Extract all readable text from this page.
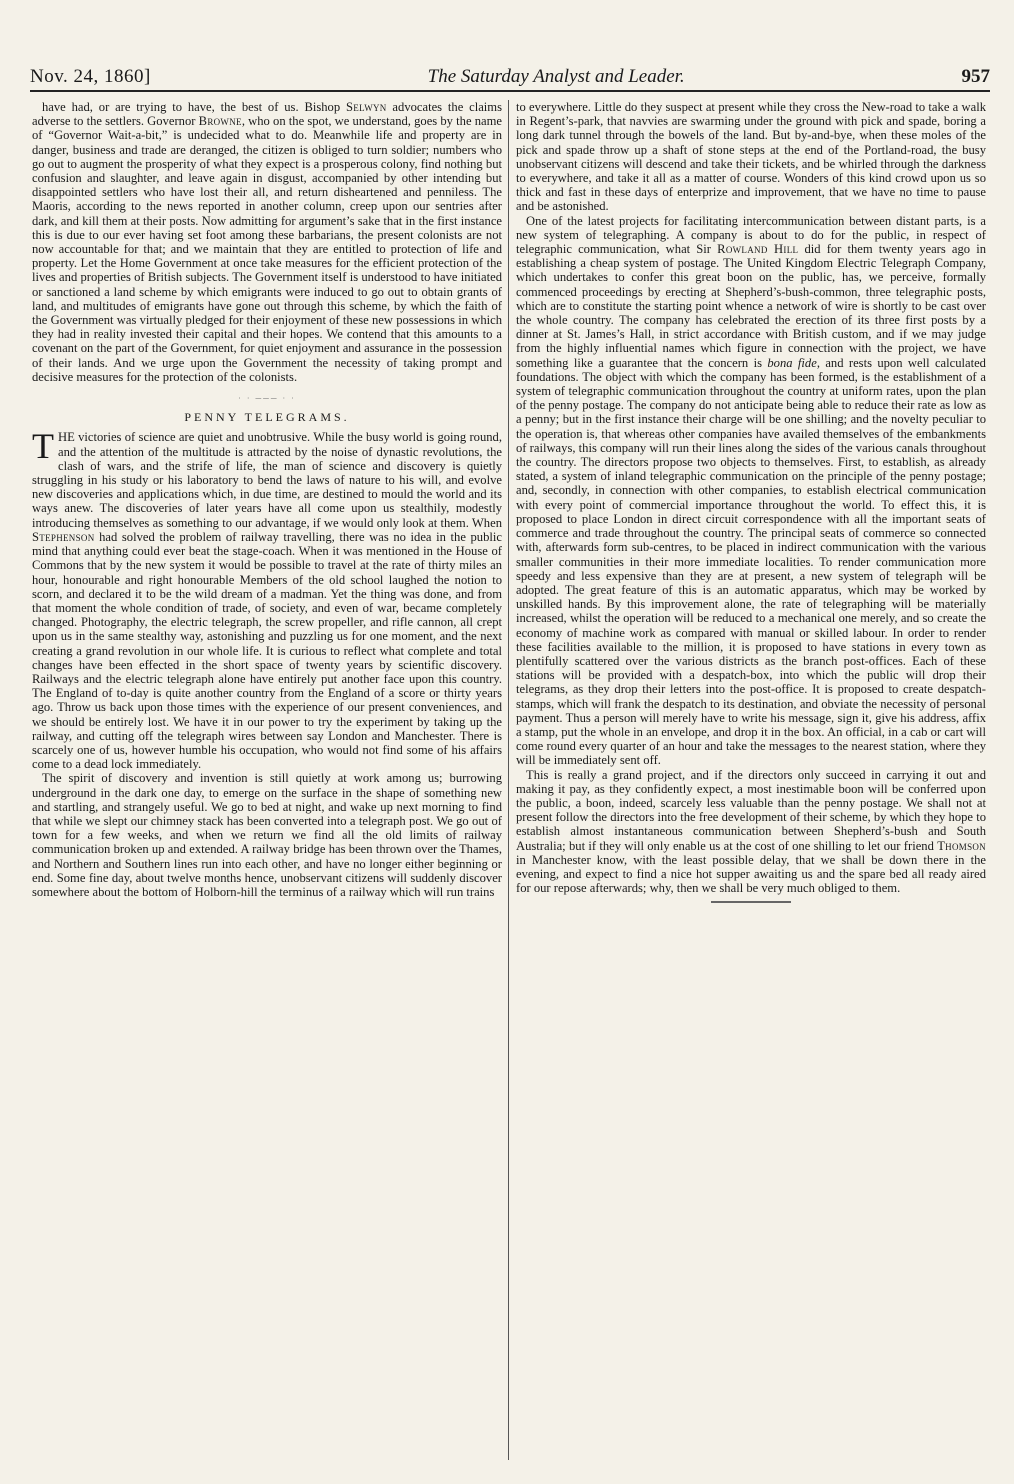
Nov. 24, 1860]	The Saturday Analyst and Leader.	957

have had, or are trying to have, the best of us. Bishop Selwyn advocates the claims adverse to the settlers. Governor Browne, who on the spot, we understand, goes by the name of “Governor Wait-a-bit,” is undecided what to do. Meanwhile life and property are in danger, business and trade are deranged, the citizen is obliged to turn soldier; numbers who go out to augment the prosperity of what they expect is a prosperous colony, find nothing but confusion and slaughter, and leave again in disgust, accompanied by other intending but disappointed settlers who have lost their all, and return disheartened and penniless. The Maoris, according to the news reported in another column, creep upon our sentries after dark, and kill them at their posts. Now admitting for argument’s sake that in the first instance this is due to our ever having set foot among these barbarians, the present colonists are not now accountable for that; and we maintain that they are entitled to protection of life and property. Let the Home Government at once take measures for the efficient protection of the lives and properties of British subjects. The Government itself is understood to have initiated or sanctioned a land scheme by which emigrants were induced to go out to obtain grants of land, and multitudes of emigrants have gone out through this scheme, by which the faith of the Government was virtually pledged for their enjoyment of these new possessions in which they had in reality invested their capital and their hopes. We contend that this amounts to a covenant on the part of the Government, for quiet enjoyment and assurance in the possession of their lands. And we urge upon the Government the necessity of taking prompt and decisive measures for the protection of the colonists.

· · ─── · ·
PENNY TELEGRAMS.

THE victories of science are quiet and unobtrusive. While the busy world is going round, and the attention of the multitude is attracted by the noise of dynastic revolutions, the clash of wars, and the strife of life, the man of science and discovery is quietly struggling in his study or his laboratory to bend the laws of nature to his will, and evolve new discoveries and applications which, in due time, are destined to mould the world and its ways anew. The discoveries of later years have all come upon us stealthily, modestly introducing themselves as something to our advantage, if we would only look at them. When Stephenson had solved the problem of railway travelling, there was no idea in the public mind that anything could ever beat the stage-coach. When it was mentioned in the House of Commons that by the new system it would be possible to travel at the rate of thirty miles an hour, honourable and right honourable Members of the old school laughed the notion to scorn, and declared it to be the wild dream of a madman. Yet the thing was done, and from that moment the whole condition of trade, of society, and even of war, became completely changed. Photography, the electric telegraph, the screw propeller, and rifle cannon, all crept upon us in the same stealthy way, astonishing and puzzling us for one moment, and the next creating a grand revolution in our whole life. It is curious to reflect what complete and total changes have been effected in the short space of twenty years by scientific discovery. Railways and the electric telegraph alone have entirely put another face upon this country. The England of to-day is quite another country from the England of a score or thirty years ago. Throw us back upon those times with the experience of our present conveniences, and we should be entirely lost. We have it in our power to try the experiment by taking up the railway, and cutting off the telegraph wires between say London and Manchester. There is scarcely one of us, however humble his occupation, who would not find some of his affairs come to a dead lock immediately.

The spirit of discovery and invention is still quietly at work among us; burrowing underground in the dark one day, to emerge on the surface in the shape of something new and startling, and strangely useful. We go to bed at night, and wake up next morning to find that while we slept our chimney stack has been converted into a telegraph post. We go out of town for a few weeks, and when we return we find all the old limits of railway communication broken up and extended. A railway bridge has been thrown over the Thames, and Northern and Southern lines run into each other, and have no longer either beginning or end. Some fine day, about twelve months hence, unobservant citizens will suddenly discover somewhere about the bottom of Holborn-hill the terminus of a railway which will run trains

to everywhere. Little do they suspect at present while they cross the New-road to take a walk in Regent’s-park, that navvies are swarming under the ground with pick and spade, boring a long dark tunnel through the bowels of the land. But by-and-bye, when these moles of the pick and spade throw up a shaft of stone steps at the end of the Portland-road, the busy unobservant citizens will descend and take their tickets, and be whirled through the darkness to everywhere, and take it all as a matter of course. Wonders of this kind crowd upon us so thick and fast in these days of enterprize and improvement, that we have no time to pause and be astonished.

One of the latest projects for facilitating intercommunication between distant parts, is a new system of telegraphing. A company is about to do for the public, in respect of telegraphic communication, what Sir Rowland Hill did for them twenty years ago in establishing a cheap system of postage. The United Kingdom Electric Telegraph Company, which undertakes to confer this great boon on the public, has, we perceive, formally commenced proceedings by erecting at Shepherd’s-bush-common, three telegraphic posts, which are to constitute the starting point whence a network of wire is shortly to be cast over the whole country. The company has celebrated the erection of its three first posts by a dinner at St. James’s Hall, in strict accordance with British custom, and if we may judge from the highly influential names which figure in connection with the project, we have something like a guarantee that the concern is bona fide, and rests upon well calculated foundations. The object with which the company has been formed, is the establishment of a system of telegraphic communication throughout the country at uniform rates, upon the plan of the penny postage. The company do not anticipate being able to reduce their rate as low as a penny; but in the first instance their charge will be one shilling; and the novelty peculiar to the operation is, that whereas other companies have availed themselves of the embankments of railways, this company will run their lines along the sides of the various canals throughout the country. The directors propose two objects to themselves. First, to establish, as already stated, a system of inland telegraphic communication on the principle of the penny postage; and, secondly, in connection with other companies, to establish electrical communication with every point of commercial importance throughout the world. To effect this, it is proposed to place London in direct circuit correspondence with all the important seats of commerce and trade throughout the country. The principal seats of commerce so connected with, afterwards form sub-centres, to be placed in indirect communication with the various smaller communities in their more immediate localities. To render communication more speedy and less expensive than they are at present, a new system of telegraph will be adopted. The great feature of this is an automatic apparatus, which may be worked by unskilled hands. By this improvement alone, the rate of telegraphing will be materially increased, whilst the operation will be reduced to a mechanical one merely, and so create the economy of machine work as compared with manual or skilled labour. In order to render these facilities available to the million, it is proposed to have stations in every town as plentifully scattered over the various districts as the branch post-offices. Each of these stations will be provided with a despatch-box, into which the public will drop their telegrams, as they drop their letters into the post-office. It is proposed to create despatch-stamps, which will frank the despatch to its destination, and obviate the necessity of personal payment. Thus a person will merely have to write his message, sign it, give his address, affix a stamp, put the whole in an envelope, and drop it in the box. An official, in a cab or cart will come round every quarter of an hour and take the messages to the nearest station, where they will be immediately sent off.

This is really a grand project, and if the directors only succeed in carrying it out and making it pay, as they confidently expect, a most inestimable boon will be conferred upon the public, a boon, indeed, scarcely less valuable than the penny postage. We shall not at present follow the directors into the free development of their scheme, by which they hope to establish almost instantaneous communication between Shepherd’s-bush and South Australia; but if they will only enable us at the cost of one shilling to let our friend Thomson in Manchester know, with the least possible delay, that we shall be down there in the evening, and expect to find a nice hot supper awaiting us and the spare bed all ready aired for our repose afterwards; why, then we shall be very much obliged to them.
